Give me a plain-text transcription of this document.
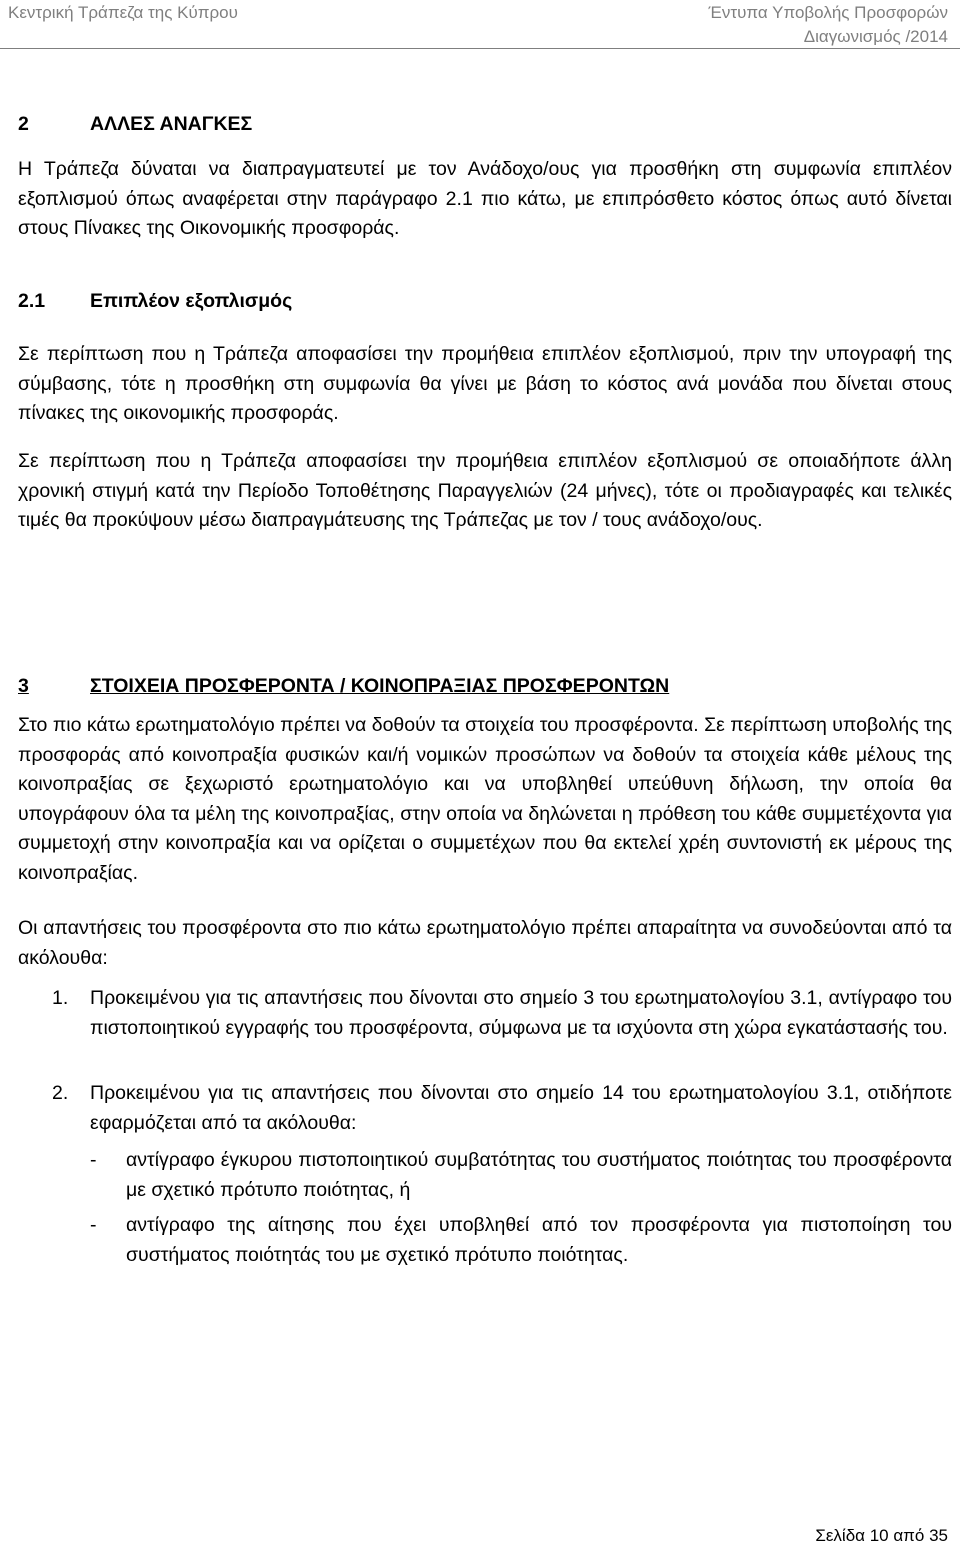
Κεντρική Τράπεζα της Κύπρου	Έντυπα Υποβολής Προσφορών
Διαγωνισμός /2014
2	ΑΛΛΕΣ ΑΝΑΓΚΕΣ
Η Τράπεζα δύναται να διαπραγματευτεί με τον Ανάδοχο/ους για προσθήκη στη συμφωνία επιπλέον εξοπλισμού όπως αναφέρεται στην παράγραφο 2.1 πιο κάτω, με επιπρόσθετο κόστος όπως αυτό δίνεται στους Πίνακες της Οικονομικής προσφοράς.
2.1 Επιπλέον εξοπλισμός
Σε περίπτωση που η Τράπεζα αποφασίσει την προμήθεια επιπλέον εξοπλισμού, πριν την υπογραφή της σύμβασης, τότε η προσθήκη στη συμφωνία θα γίνει με βάση το κόστος ανά μονάδα που δίνεται στους πίνακες της οικονομικής προσφοράς.
Σε περίπτωση που η Τράπεζα αποφασίσει την προμήθεια επιπλέον εξοπλισμού σε οποιαδήποτε άλλη χρονική στιγμή κατά την Περίοδο Τοποθέτησης Παραγγελιών (24 μήνες), τότε οι προδιαγραφές και τελικές τιμές θα προκύψουν μέσω διαπραγμάτευσης της Τράπεζας με τον / τους ανάδοχο/ους.
3	ΣΤΟΙΧΕΙΑ ΠΡΟΣΦΕΡΟΝΤΑ / ΚΟΙΝΟΠΡΑΞΙΑΣ ΠΡΟΣΦΕΡΟΝΤΩΝ
Στο πιο κάτω ερωτηματολόγιο πρέπει να δοθούν τα στοιχεία του προσφέροντα. Σε περίπτωση υποβολής της προσφοράς από κοινοπραξία φυσικών και/ή νομικών προσώπων να δοθούν τα στοιχεία κάθε μέλους της κοινοπραξίας σε ξεχωριστό ερωτηματολόγιο και να υποβληθεί υπεύθυνη δήλωση, την οποία θα υπογράφουν όλα τα μέλη της κοινοπραξίας, στην οποία να δηλώνεται η πρόθεση του κάθε συμμετέχοντα για συμμετοχή στην κοινοπραξία και να ορίζεται ο συμμετέχων που θα εκτελεί χρέη συντονιστή εκ μέρους της κοινοπραξίας.
Οι απαντήσεις του προσφέροντα στο πιο κάτω ερωτηματολόγιο πρέπει απαραίτητα να συνοδεύονται από τα ακόλουθα:
1. Προκειμένου για τις απαντήσεις που δίνονται στο σημείο 3 του ερωτηματολογίου 3.1, αντίγραφο του πιστοποιητικού εγγραφής του προσφέροντα, σύμφωνα με τα ισχύοντα στη χώρα εγκατάστασής του.
2. Προκειμένου για τις απαντήσεις που δίνονται στο σημείο 14 του ερωτηματολογίου 3.1, οτιδήποτε εφαρμόζεται από τα ακόλουθα:
- αντίγραφο έγκυρου πιστοποιητικού συμβατότητας του συστήματος ποιότητας του προσφέροντα με σχετικό πρότυπο ποιότητας, ή
- αντίγραφο της αίτησης που έχει υποβληθεί από τον προσφέροντα για πιστοποίηση του συστήματος ποιότητάς του με σχετικό πρότυπο ποιότητας.
Σελίδα 10 από 35
